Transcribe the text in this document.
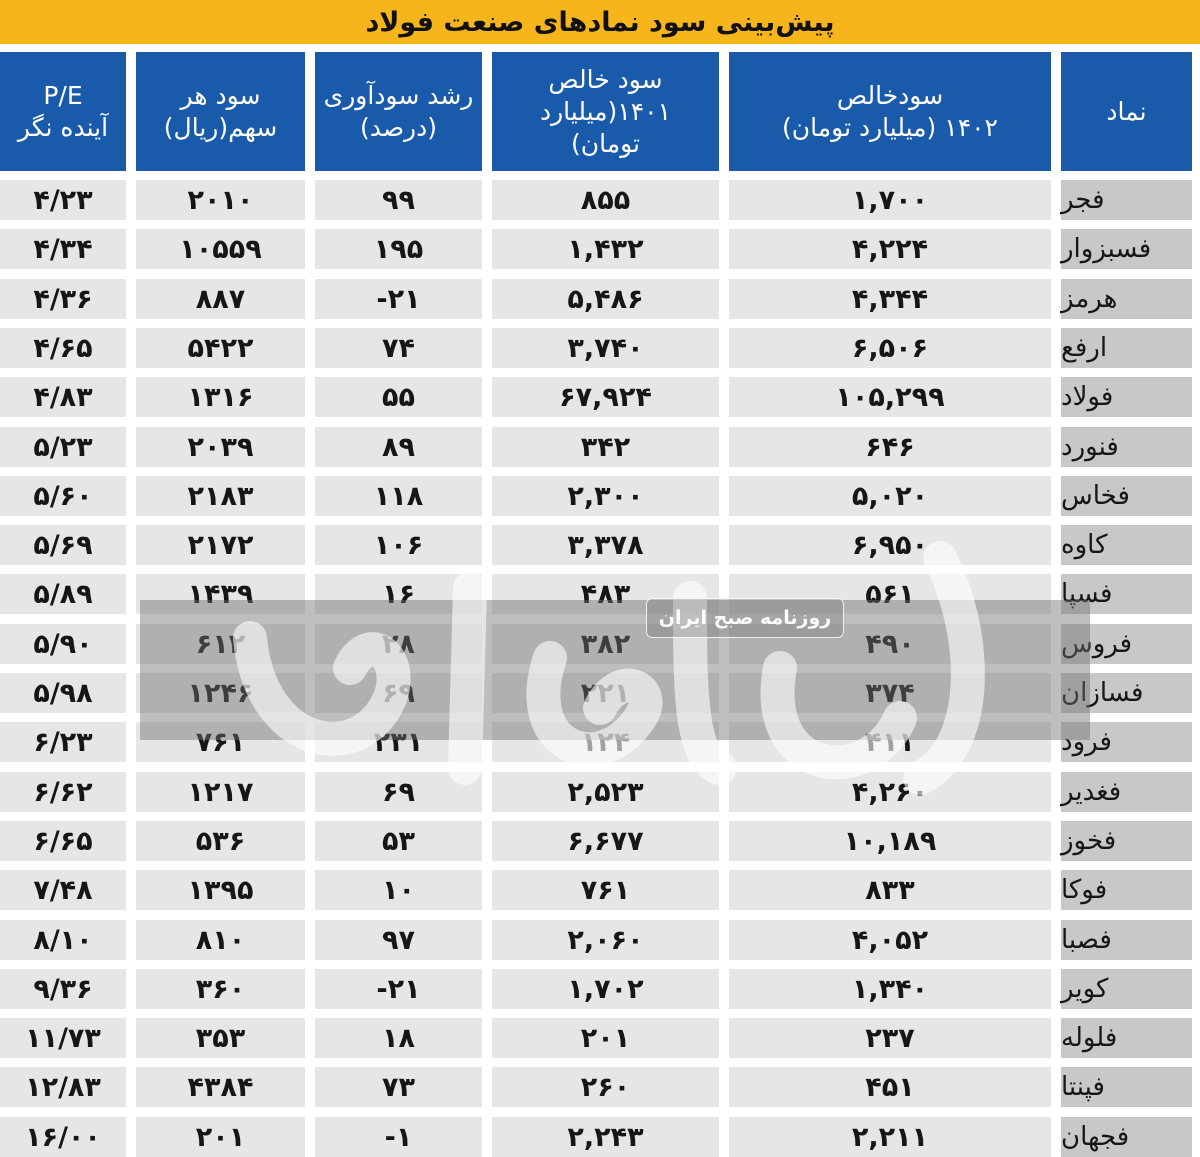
پیش‌بینی سود نمادهای صنعت فولاد
نماد
سودخالص
۱۴۰۲ (میلیارد تومان)
سود خالص
۱۴۰۱(میلیارد
تومان)
رشد سودآوری
(درصد)
سود هر
سهم(ریال)
P/E
آینده نگر
فجر
۱,۷۰۰
۸۵۵
۹۹
۲۰۱۰
۴/۲۳
فسبزوار
۴,۲۲۴
۱,۴۳۲
۱۹۵
۱۰۵۵۹
۴/۳۴
هرمز
۴,۳۴۴
۵,۴۸۶
-۲۱
۸۸۷
۴/۳۶
ارفع
۶,۵۰۶
۳,۷۴۰
۷۴
۵۴۲۲
۴/۶۵
فولاد
۱۰۵,۲۹۹
۶۷,۹۲۴
۵۵
۱۳۱۶
۴/۸۳
فنورد
۶۴۶
۳۴۲
۸۹
۲۰۳۹
۵/۲۳
فخاس
۵,۰۲۰
۲,۳۰۰
۱۱۸
۲۱۸۳
۵/۶۰
کاوه
۶,۹۵۰
۳,۳۷۸
۱۰۶
۲۱۷۲
۵/۶۹
فسپا
۵۶۱
۴۸۳
۱۶
۱۴۳۹
۵/۸۹
فروس
۴۹۰
۳۸۲
۲۸
۶۱۲
۵/۹۰
فسازان
۳۷۴
۲۲۱
۶۹
۱۲۴۶
۵/۹۸
فرود
۴۱۱
۱۲۴
۲۳۱
۷۶۱
۶/۲۳
فغدیر
۴,۲۶۰
۲,۵۲۳
۶۹
۱۲۱۷
۶/۶۲
فخوز
۱۰,۱۸۹
۶,۶۷۷
۵۳
۵۳۶
۶/۶۵
فوکا
۸۳۳
۷۶۱
۱۰
۱۳۹۵
۷/۴۸
فصبا
۴,۰۵۲
۲,۰۶۰
۹۷
۸۱۰
۸/۱۰
کویر
۱,۳۴۰
۱,۷۰۲
-۲۱
۳۶۰
۹/۳۶
فلوله
۲۳۷
۲۰۱
۱۸
۳۵۳
۱۱/۷۳
فپنتا
۴۵۱
۲۶۰
۷۳
۴۳۸۴
۱۲/۸۳
فجهان
۲,۲۱۱
۲,۲۴۳
-۱
۲۰۱
۱۶/۰۰
روزنامه صبح ایران
